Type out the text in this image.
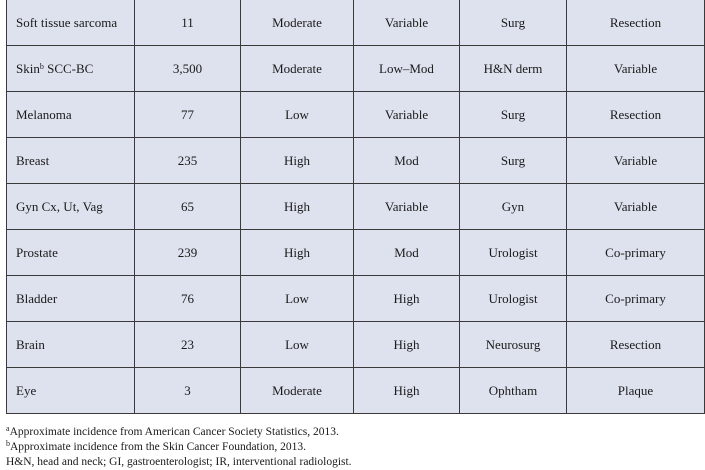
Soft tissue sarcoma	11	Moderate	Variable	Surg	Resection
Skin$^b$ SCC-BC	3,500	Moderate	Low–Mod	H&N derm	Variable
Melanoma	77	Low	Variable	Surg	Resection
Breast	235	High	Mod	Surg	Variable
Gyn Cx, Ut, Vag	65	High	Variable	Gyn	Variable
Prostate	239	High	Mod	Urologist	Co-primary
Bladder	76	Low	High	Urologist	Co-primary
Brain	23	Low	High	Neurosurg	Resection
Eye	3	Moderate	High	Ophtham	Plaque
$^a$Approximate incidence from American Cancer Society Statistics, 2013.
$^b$Approximate incidence from the Skin Cancer Foundation, 2013.
H&N, head and neck; GI, gastroenterologist; IR, interventional radiologist.
